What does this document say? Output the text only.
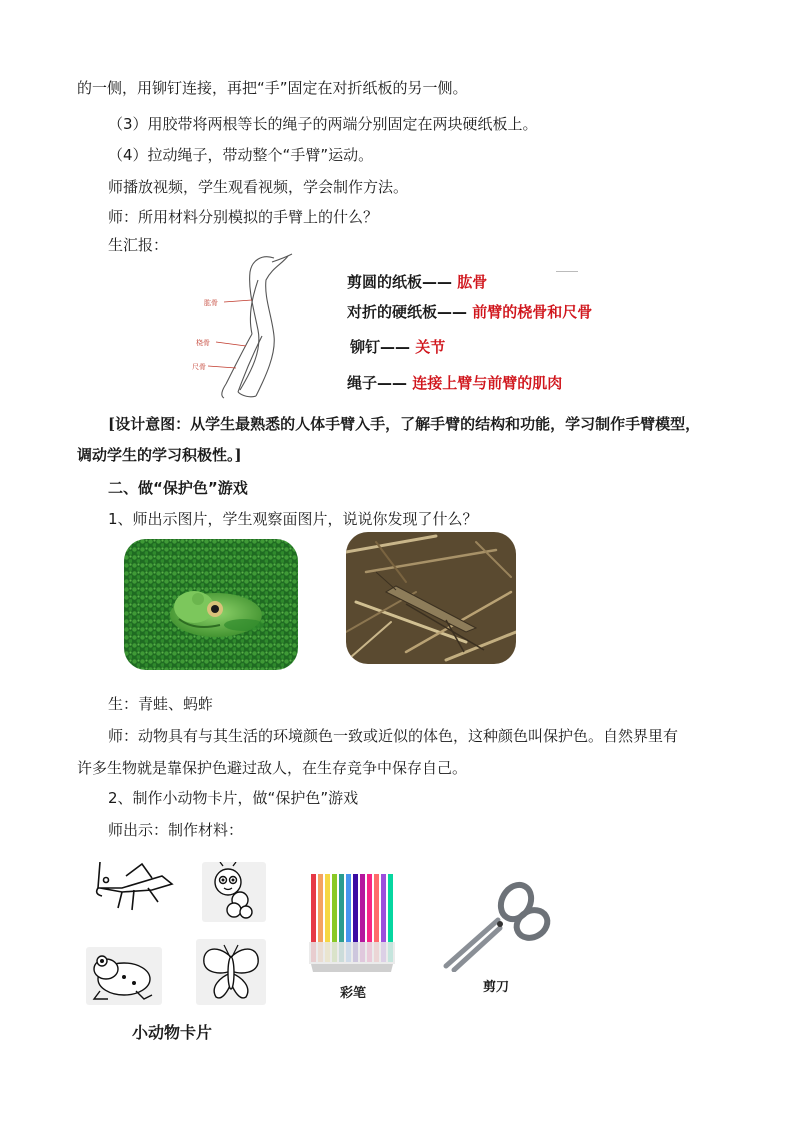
的一侧，用铆钉连接，再把“手”固定在对折纸板的另一侧。
（3）用胶带将两根等长的绳子的两端分别固定在两块硬纸板上。
（4）拉动绳子，带动整个“手臂”运动。
师播放视频，学生观看视频，学会制作方法。
师：所用材料分别模拟的手臂上的什么？
生汇报：
肱骨
桡骨
尺骨
剪圆的纸板—— 肱骨
对折的硬纸板—— 前臂的桡骨和尺骨
铆钉—— 关节
绳子—— 连接上臂与前臂的肌肉
[设计意图：从学生最熟悉的人体手臂入手，了解手臂的结构和功能，学习制作手臂模型，
调动学生的学习积极性。]
二、做“保护色”游戏
1、师出示图片，学生观察面图片，说说你发现了什么？
生：青蛙、蚂蚱
师：动物具有与其生活的环境颜色一致或近似的体色，这种颜色叫保护色。自然界里有
许多生物就是靠保护色避过敌人，在生存竞争中保存自己。
2、制作小动物卡片，做“保护色”游戏
师出示：制作材料：
小动物卡片
彩笔	剪刀
